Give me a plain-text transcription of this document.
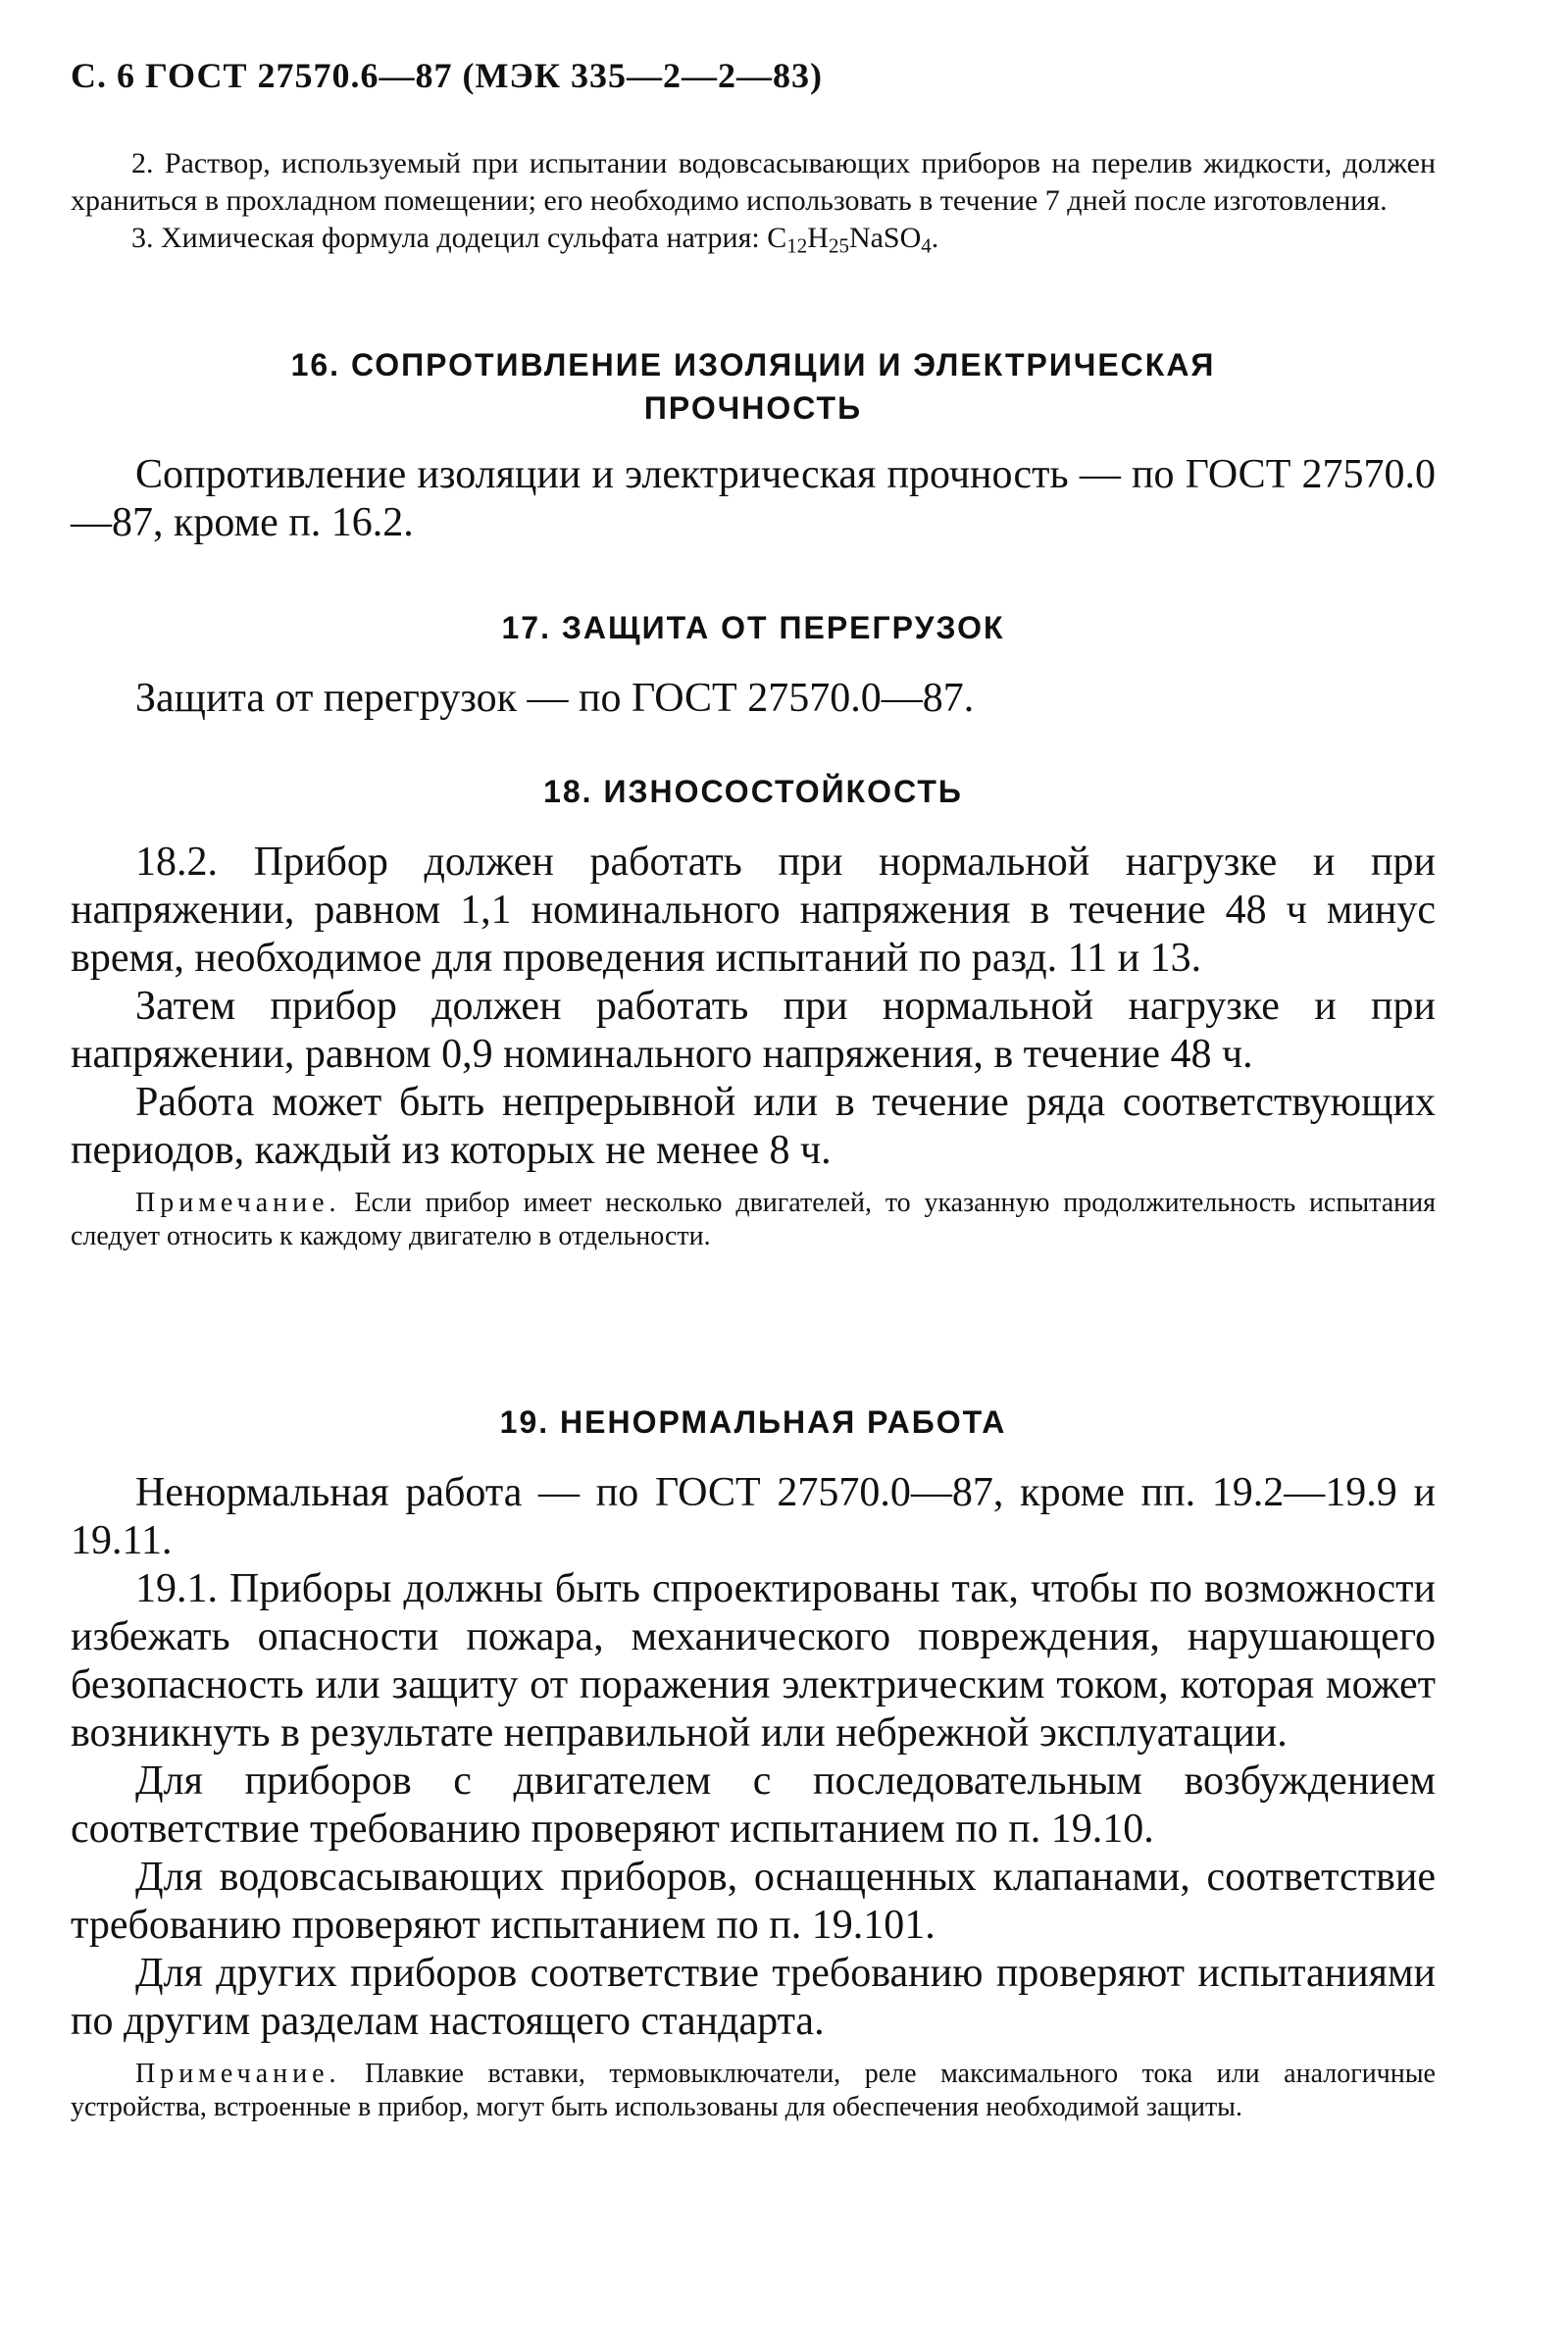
С. 6 ГОСТ 27570.6—87 (МЭК 335—2—2—83)

2. Раствор, используемый при испытании водовсасывающих приборов на перелив жидкости, должен храниться в прохладном помещении; его необходимо использовать в течение 7 дней после изготовления.

3. Химическая формула додецил сульфата натрия: $C_{12}H_{25}NaSO_4$.

16. СОПРОТИВЛЕНИЕ ИЗОЛЯЦИИ И ЭЛЕКТРИЧЕСКАЯ
ПРОЧНОСТЬ

Сопротивление изоляции и электрическая прочность — по ГОСТ 27570.0—87, кроме п. 16.2.

17. ЗАЩИТА ОТ ПЕРЕГРУЗОК

Защита от перегрузок — по ГОСТ 27570.0—87.

18. ИЗНОСОСТОЙКОСТЬ

18.2. Прибор должен работать при нормальной нагрузке и при напряжении, равном 1,1 номинального напряжения в течение 48 ч минус время, необходимое для проведения испытаний по разд. 11 и 13.

Затем прибор должен работать при нормальной нагрузке и при напряжении, равном 0,9 номинального напряжения, в течение 48 ч.

Работа может быть непрерывной или в течение ряда соответствующих периодов, каждый из которых не менее 8 ч.

Примечание. Если прибор имеет несколько двигателей, то указанную продолжительность испытания следует относить к каждому двигателю в отдельности.

19. НЕНОРМАЛЬНАЯ РАБОТА

Ненормальная работа — по ГОСТ 27570.0—87, кроме пп. 19.2—19.9 и 19.11.

19.1. Приборы должны быть спроектированы так, чтобы по возможности избежать опасности пожара, механического повреждения, нарушающего безопасность или защиту от поражения электрическим током, которая может возникнуть в результате неправильной или небрежной эксплуатации.

Для приборов с двигателем с последовательным возбуждением соответствие требованию проверяют испытанием по п. 19.10.

Для водовсасывающих приборов, оснащенных клапанами, соответствие требованию проверяют испытанием по п. 19.101.

Для других приборов соответствие требованию проверяют испытаниями по другим разделам настоящего стандарта.

Примечание. Плавкие вставки, термовыключатели, реле максимального тока или аналогичные устройства, встроенные в прибор, могут быть использованы для обеспечения необходимой защиты.
